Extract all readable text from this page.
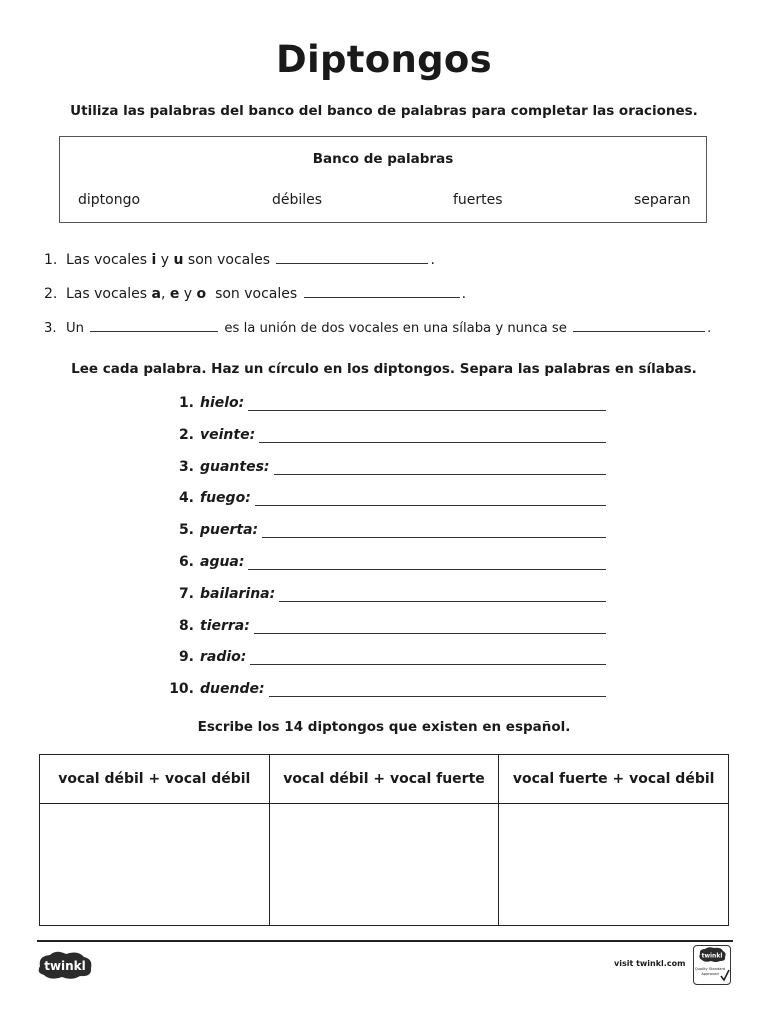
Diptongos
Utiliza las palabras del banco del banco de palabras para completar las oraciones.
Banco de palabras
diptongo	débiles	fuertes	separan
1. Las vocales i y u son vocales	.
2. Las vocales a, e y o  son vocales	.
3. Un	es la unión de dos vocales en una sílaba y nunca se	.
Lee cada palabra. Haz un círculo en los diptongos. Separa las palabras en sílabas.
1. hielo:
2. veinte:
3. guantes:
4. fuego:
5. puerta:
6. agua:
7. bailarina:
8. tierra:
9. radio:
10. duende:
Escribe los 14 diptongos que existen en español.
vocal débil + vocal débil	vocal débil + vocal fuerte	vocal fuerte + vocal débil

twinkl	visit twinkl.com
twinkl
Quality Standard
Approved
